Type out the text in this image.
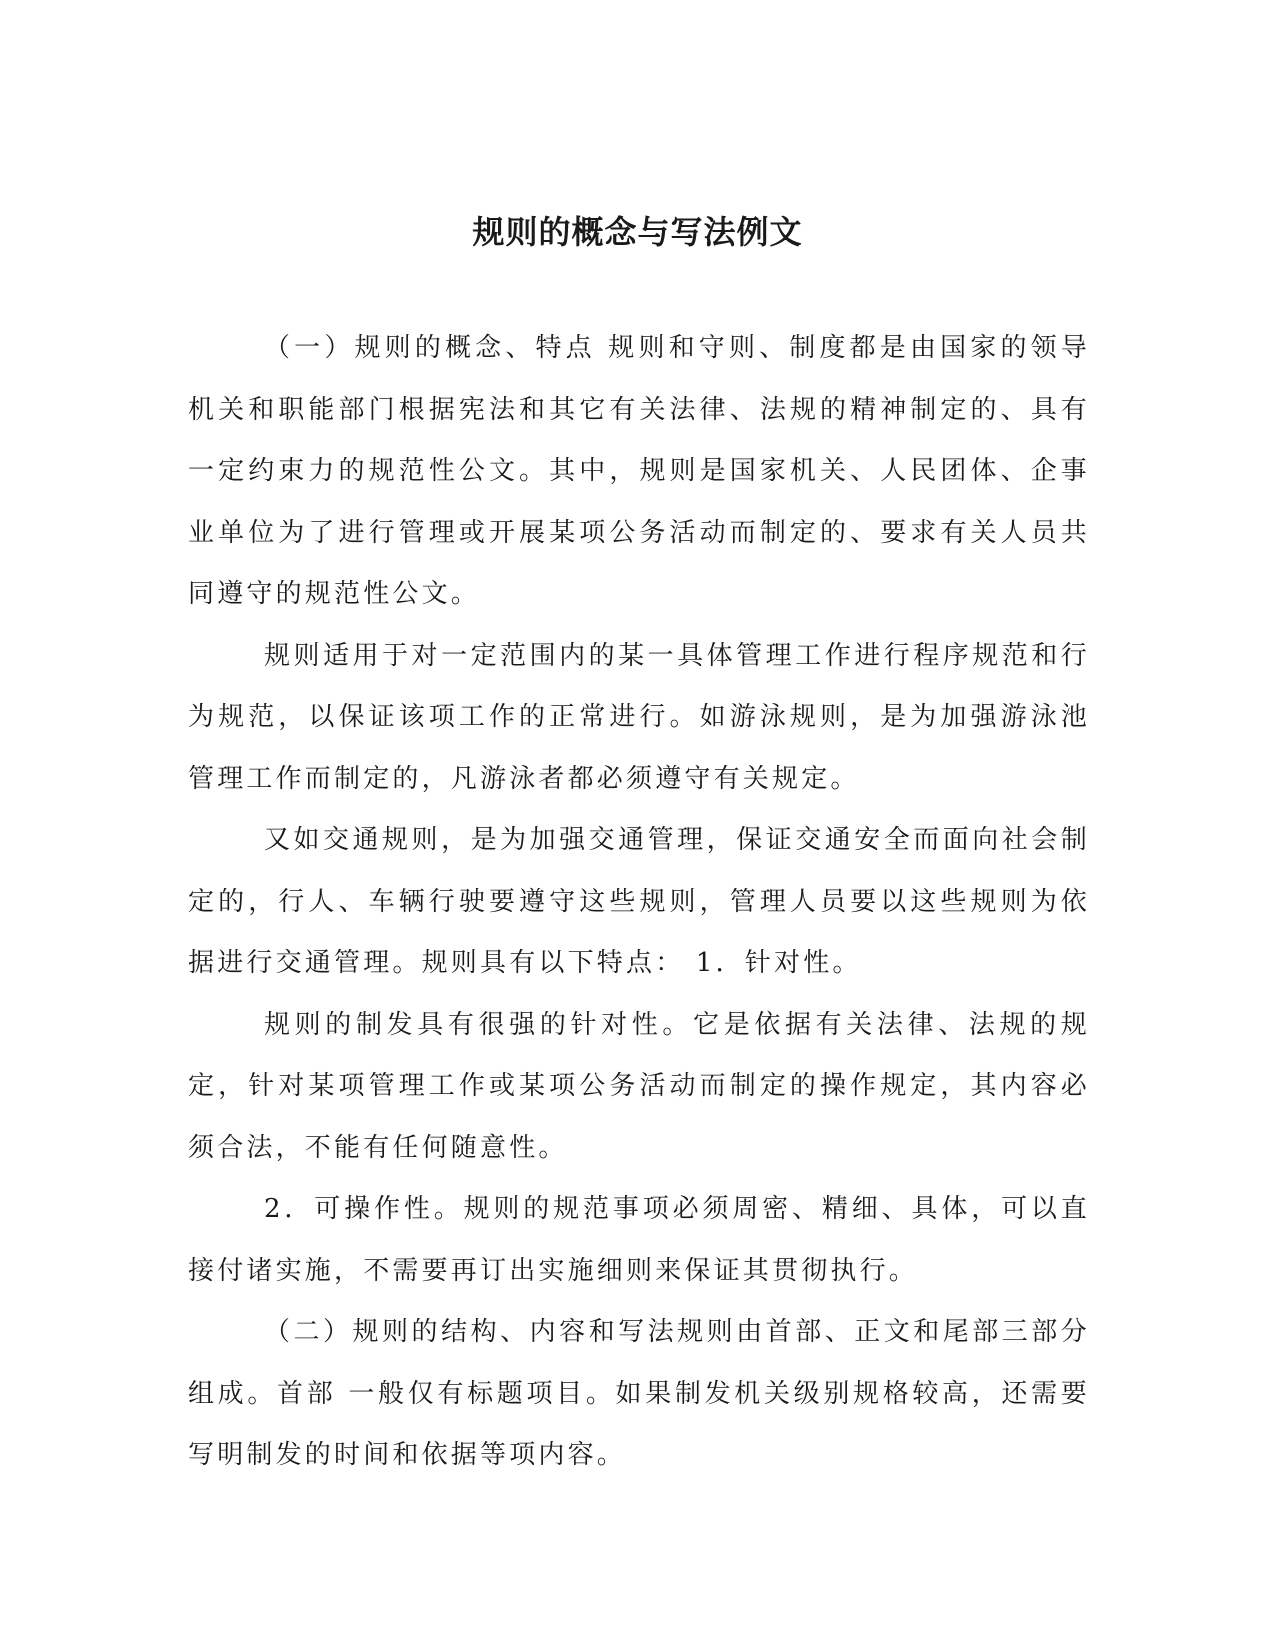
规则的概念与写法例文

（一）规则的概念、特点 规则和守则、制度都是由国家的领导机关和职能部门根据宪法和其它有关法律、法规的精神制定的、具有一定约束力的规范性公文。其中，规则是国家机关、人民团体、企事业单位为了进行管理或开展某项公务活动而制定的、要求有关人员共同遵守的规范性公文。

规则适用于对一定范围内的某一具体管理工作进行程序规范和行为规范，以保证该项工作的正常进行。如游泳规则，是为加强游泳池管理工作而制定的，凡游泳者都必须遵守有关规定。

又如交通规则，是为加强交通管理，保证交通安全而面向社会制定的，行人、车辆行驶要遵守这些规则，管理人员要以这些规则为依据进行交通管理。规则具有以下特点： 1．针对性。

规则的制发具有很强的针对性。它是依据有关法律、法规的规定，针对某项管理工作或某项公务活动而制定的操作规定，其内容必须合法，不能有任何随意性。

2．可操作性。规则的规范事项必须周密、精细、具体，可以直接付诸实施，不需要再订出实施细则来保证其贯彻执行。

（二）规则的结构、内容和写法规则由首部、正文和尾部三部分组成。首部 一般仅有标题项目。如果制发机关级别规格较高，还需要写明制发的时间和依据等项内容。
